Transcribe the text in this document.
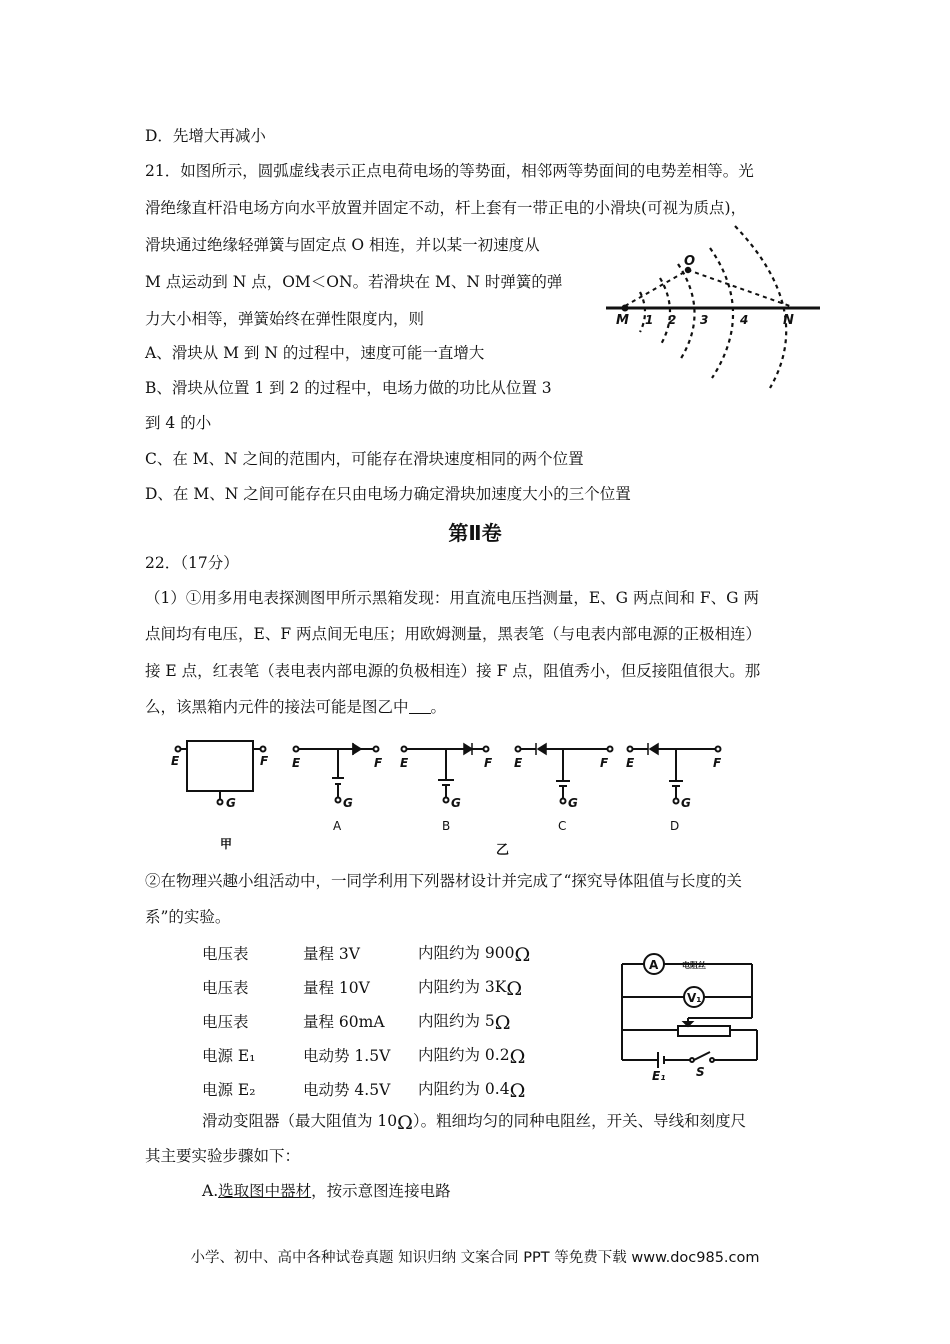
D．先增大再减小
21．如图所示，圆弧虚线表示正点电荷电场的等势面，相邻两等势面间的电势差相等。光
滑绝缘直杆沿电场方向水平放置并固定不动，杆上套有一带正电的小滑块(可视为质点)，
滑块通过绝缘轻弹簧与固定点 O 相连，并以某一初速度从
M 点运动到 N 点，OM＜ON。若滑块在 M、N 时弹簧的弹
力大小相等，弹簧始终在弹性限度内，则
A、滑块从 M 到 N 的过程中，速度可能一直增大
B、滑块从位置 1 到 2 的过程中，电场力做的功比从位置 3
到 4 的小
C、在 M、N 之间的范围内，可能存在滑块速度相同的两个位置
D、在 M、N 之间可能存在只由电场力确定滑块加速度大小的三个位置
O
M 1 2 3	4	N
第Ⅱ卷
22．（17分）
（1）①用多用电表探测图甲所示黑箱发现：用直流电压挡测量，E、G 两点间和 F、G 两
点间均有电压，E、F 两点间无电压；用欧姆测量，黑表笔（与电表内部电源的正极相连）
接 E 点，红表笔（表电表内部电源的负极相连）接 F 点，阻值秀小，但反接阻值很大。那
么，该黑箱内元件的接法可能是图乙中 。
E	F
G
E	F
G
E	F
G
E	F
G
E	F
G
A	B	C	D
甲	乙
②在物理兴趣小组活动中，一同学利用下列器材设计并完成了“探究导体阻值与长度的关
系”的实验。
电压表	量程 3V	内阻约为 900Ω
电压表	量程 10V	内阻约为 3KΩ
电压表	量程 60mA	内阻约为 5Ω
电源 E₁	电动势 1.5V	内阻约为 0.2Ω
电源 E₂	电动势 4.5V	内阻约为 0.4Ω
A	电阻丝
V₁
E₁	S
滑动变阻器（最大阻值为 10Ω）。粗细均匀的同种电阻丝，开关、导线和刻度尺
其主要实验步骤如下：
A.选取图中器材，按示意图连接电路
小学、初中、高中各种试卷真题 知识归纳 文案合同 PPT 等免费下载 www.doc985.com
